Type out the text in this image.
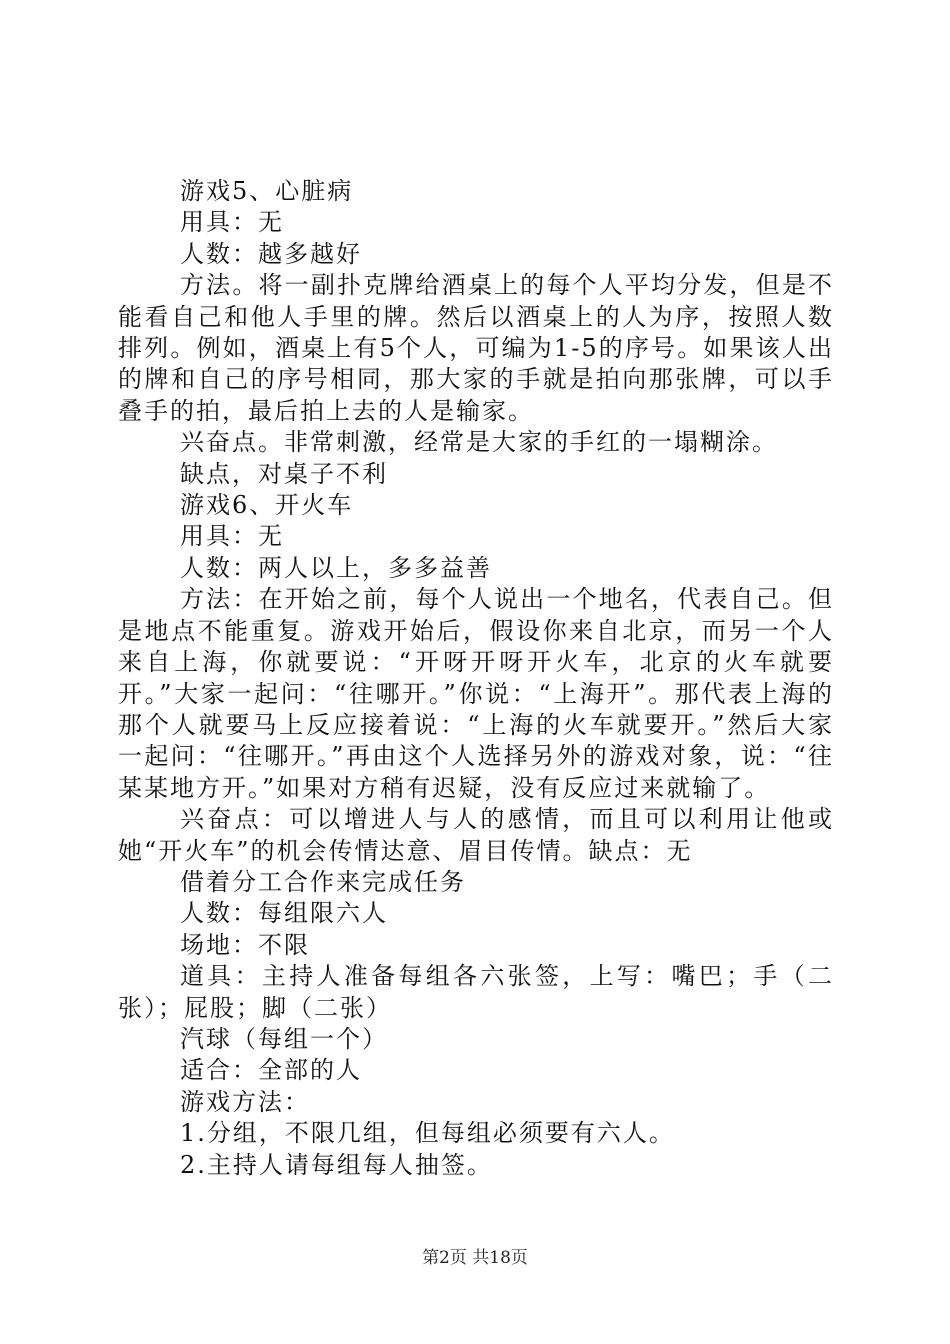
游戏5、心脏病

用具：无

人数：越多越好

方法。将一副扑克牌给酒桌上的每个人平均分发，但是不能看自己和他人手里的牌。然后以酒桌上的人为序，按照人数排列。例如，酒桌上有5个人，可编为1-5的序号。如果该人出的牌和自己的序号相同，那大家的手就是拍向那张牌，可以手叠手的拍，最后拍上去的人是输家。

兴奋点。非常刺激，经常是大家的手红的一塌糊涂。

缺点，对桌子不利

游戏6、开火车

用具：无

人数：两人以上，多多益善

方法：在开始之前，每个人说出一个地名，代表自己。但是地点不能重复。游戏开始后，假设你来自北京，而另一个人来自上海，你就要说：“开呀开呀开火车，北京的火车就要开。”大家一起问：“往哪开。”你说：“上海开”。那代表上海的那个人就要马上反应接着说：“上海的火车就要开。”然后大家一起问：“往哪开。”再由这个人选择另外的游戏对象，说：“往某某地方开。”如果对方稍有迟疑，没有反应过来就输了。

兴奋点：可以增进人与人的感情，而且可以利用让他或她“开火车”的机会传情达意、眉目传情。缺点：无

借着分工合作来完成任务

人数：每组限六人

场地：不限

道具：主持人准备每组各六张签，上写：嘴巴；手（二张）；屁股；脚（二张）

汽球（每组一个）

适合：全部的人

游戏方法：

1.分组，不限几组，但每组必须要有六人。

2.主持人请每组每人抽签。

第2页 共18页
